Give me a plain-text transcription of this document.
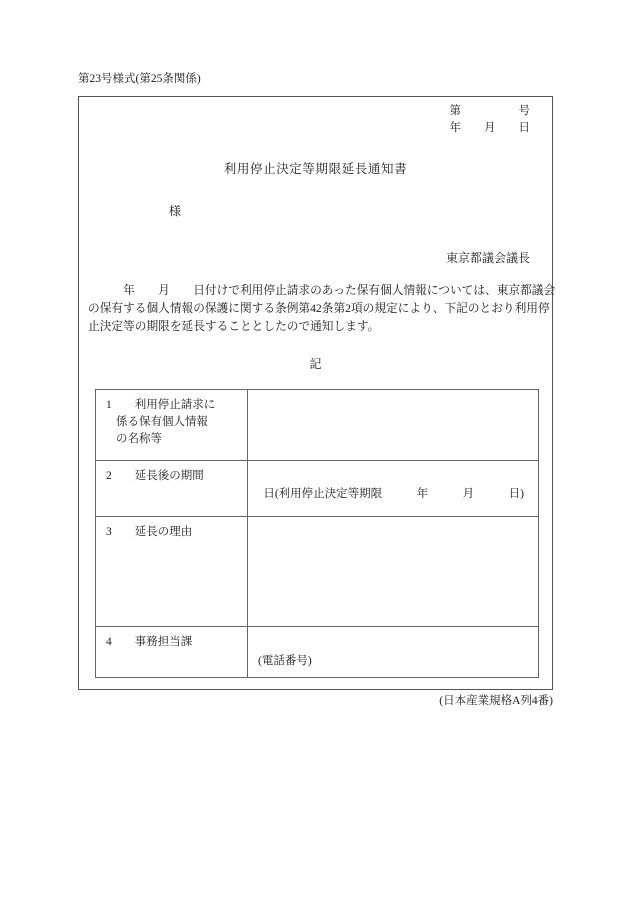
第23号様式(第25条関係)
第　　　　　号
年　　月　　日
利用停止決定等期限延長通知書
様
東京都議会議長
　　　年　　月　　日付けで利用停止請求のあった保有個人情報については、東京都議会
の保有する個人情報の保護に関する条例第42条第2項の規定により、下記のとおり利用停
止決定等の期限を延長することとしたので通知します。
記
1　　利用停止請求に
係る保有個人情報
の名称等	

2　　延長後の期間	日(利用停止決定等期限　　　年　　　月　　　日)

3　　延長の理由	

4　　事務担当課	(電話番号)
(日本産業規格A列4番)
